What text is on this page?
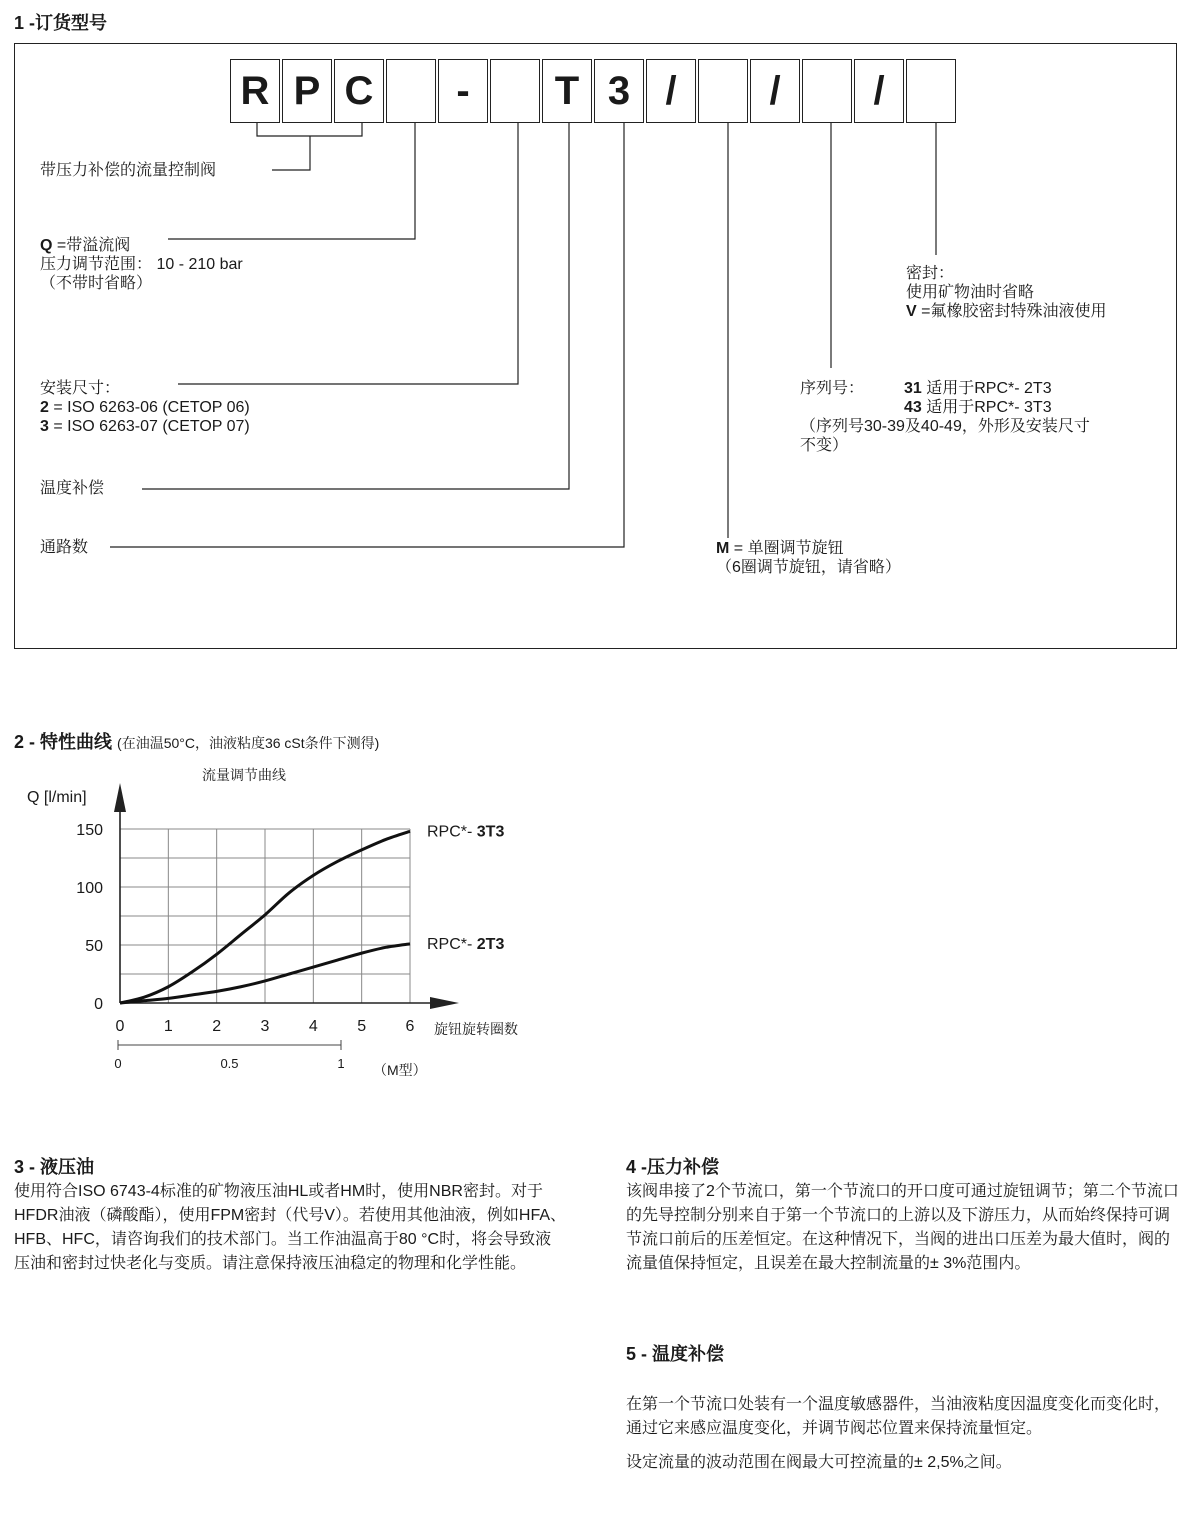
1 -订货型号
R P C	-	T 3 /	/	/
带压力补偿的流量控制阀
Q =带溢流阀
压力调节范围： 10 - 210 bar
（不带时省略）
安装尺寸：
2 = ISO 6263-06 (CETOP 06)
3 = ISO 6263-07 (CETOP 07)
温度补偿
通路数
密封：
使用矿物油时省略
V =氟橡胶密封特殊油液使用
序列号： 31 适用于RPC*- 2T3
43 适用于RPC*- 3T3
（序列号30-39及40-49，外形及安装尺寸
不变）
M = 单圈调节旋钮
（6圈调节旋钮，请省略）
2 - 特性曲线 (在油温50°C，油液粘度36 cSt条件下测得)
流量调节曲线
0
50
100
150
0 1 2 3 4 5 6
0	0.5	1
Q [l/min]
旋钮旋转圈数
RPC*- 3T3
RPC*- 2T3
（M型）
3 - 液压油
使用符合ISO 6743-4标准的矿物液压油HL或者HM时，使用NBR密封。对于HFDR油液（磷酸酯），使用FPM密封（代号V）。若使用其他油液，例如HFA、HFB、HFC，请咨询我们的技术部门。当工作油温高于80 °C时，将会导致液压油和密封过快老化与变质。请注意保持液压油稳定的物理和化学性能。
4 -压力补偿
该阀串接了2个节流口，第一个节流口的开口度可通过旋钮调节；第二个节流口的先导控制分别来自于第一个节流口的上游以及下游压力，从而始终保持可调节流口前后的压差恒定。在这种情况下，当阀的进出口压差为最大值时，阀的流量值保持恒定，且误差在最大控制流量的± 3%范围内。
5 - 温度补偿

在第一个节流口处装有一个温度敏感器件，当油液粘度因温度变化而变化时，通过它来感应温度变化，并调节阀芯位置来保持流量恒定。

设定流量的波动范围在阀最大可控流量的± 2,5%之间。
